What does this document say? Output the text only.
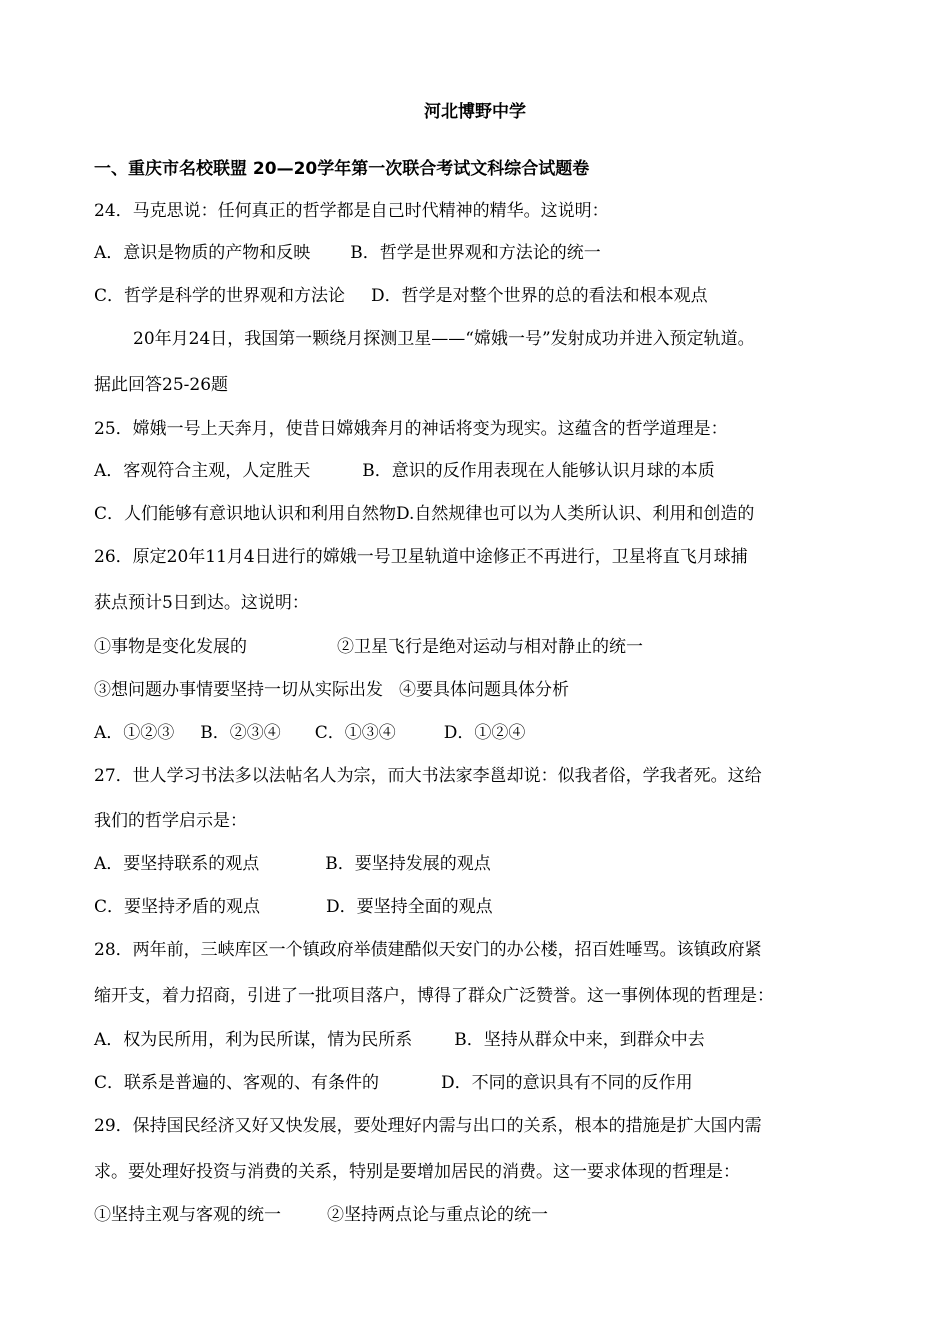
河北博野中学
一、重庆市名校联盟 20—20学年第一次联合考试文科综合试题卷
24．马克思说：任何真正的哲学都是自己时代精神的精华。这说明：
A．意识是物质的产物和反映 B．哲学是世界观和方法论的统一
C．哲学是科学的世界观和方法论 D．哲学是对整个世界的总的看法和根本观点
20年月24日，我国第一颗绕月探测卫星——“嫦娥一号”发射成功并进入预定轨道。
据此回答25-26题
25．嫦娥一号上天奔月，使昔日嫦娥奔月的神话将变为现实。这蕴含的哲学道理是：
A．客观符合主观，人定胜天	B．意识的反作用表现在人能够认识月球的本质
C．人们能够有意识地认识和利用自然物D.自然规律也可以为人类所认识、利用和创造的
26．原定20年11月4日进行的嫦娥一号卫星轨道中途修正不再进行，卫星将直飞月球捕
获点预计5日到达。这说明：
①事物是变化发展的	②卫星飞行是绝对运动与相对静止的统一
③想问题办事情要坚持一切从实际出发 ④要具体问题具体分析
A．①②③ B．②③④ C．①③④	D．①②④
27．世人学习书法多以法帖名人为宗，而大书法家李邕却说：似我者俗，学我者死。这给
我们的哲学启示是：
A．要坚持联系的观点	B．要坚持发展的观点
C．要坚持矛盾的观点	D．要坚持全面的观点
28．两年前，三峡库区一个镇政府举债建酷似天安门的办公楼，招百姓唾骂。该镇政府紧
缩开支，着力招商，引进了一批项目落户，博得了群众广泛赞誉。这一事例体现的哲理是：
A．权为民所用，利为民所谋，情为民所系 B．坚持从群众中来，到群众中去
C．联系是普遍的、客观的、有条件的	D．不同的意识具有不同的反作用
29．保持国民经济又好又快发展，要处理好内需与出口的关系，根本的措施是扩大国内需
求。要处理好投资与消费的关系，特别是要增加居民的消费。这一要求体现的哲理是：
①坚持主观与客观的统一	②坚持两点论与重点论的统一
